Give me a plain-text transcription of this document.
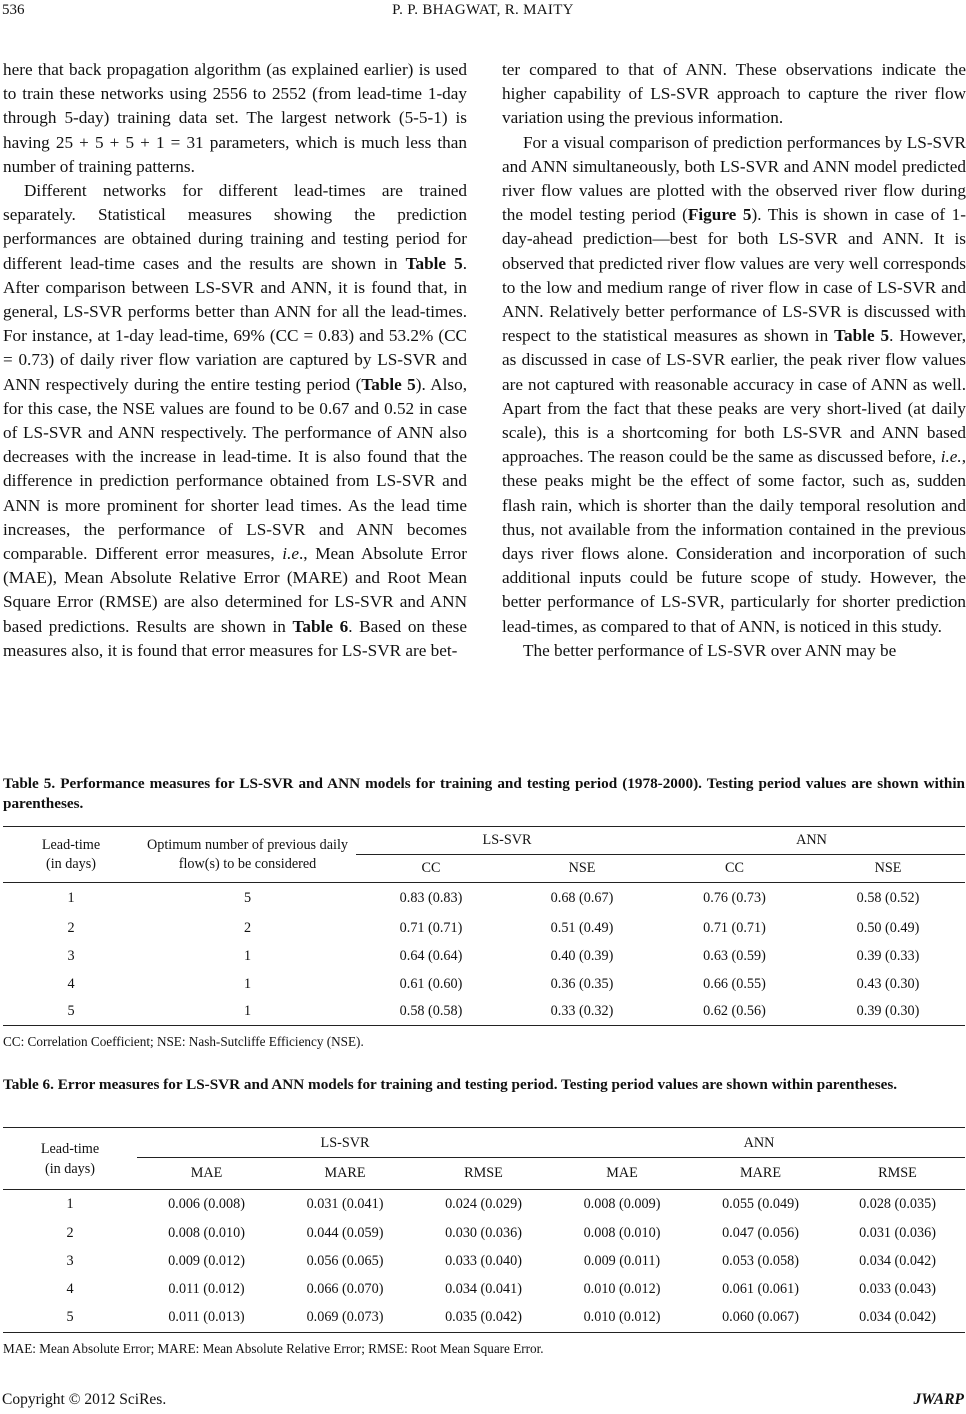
536	P. P. BHAGWAT, R. MAITY

here that back propagation algorithm (as explained earlier) is used to train these networks using 2556 to 2552 (from lead-time 1-day through 5-day) training data set. The largest network (5-5-1) is having 25 + 5 + 5 + 1 = 31 parameters, which is much less than number of training patterns.

Different networks for different lead-times are trained separately. Statistical measures showing the prediction performances are obtained during training and testing period for different lead-time cases and the results are shown in Table 5. After comparison between LS-SVR and ANN, it is found that, in general, LS-SVR performs better than ANN for all the lead-times. For instance, at 1-day lead-time, 69% (CC = 0.83) and 53.2% (CC = 0.73) of daily river flow variation are captured by LS-SVR and ANN respectively during the entire testing period (Table 5). Also, for this case, the NSE values are found to be 0.67 and 0.52 in case of LS-SVR and ANN respectively. The performance of ANN also decreases with the increase in lead-time. It is also found that the difference in prediction performance obtained from LS-SVR and ANN is more prominent for shorter lead times. As the lead time increases, the performance of LS-SVR and ANN becomes comparable. Different error measures, i.e., Mean Absolute Error (MAE), Mean Absolute Relative Error (MARE) and Root Mean Square Error (RMSE) are also determined for LS-SVR and ANN based predictions. Results are shown in Table 6. Based on these measures also, it is found that error measures for LS-SVR are bet-

ter compared to that of ANN. These observations indicate the higher capability of LS-SVR approach to capture the river flow variation using the previous information.

For a visual comparison of prediction performances by LS-SVR and ANN simultaneously, both LS-SVR and ANN model predicted river flow values are plotted with the observed river flow during the model testing period (Figure 5). This is shown in case of 1-day-ahead prediction—best for both LS-SVR and ANN. It is observed that predicted river flow values are very well corresponds to the low and medium range of river flow in case of LS-SVR and ANN. Relatively better performance of LS-SVR is discussed with respect to the statistical measures as shown in Table 5. However, as discussed in case of LS-SVR earlier, the peak river flow values are not captured with reasonable accuracy in case of ANN as well. Apart from the fact that these peaks are very short-lived (at daily scale), this is a shortcoming for both LS-SVR and ANN based approaches. The reason could be the same as discussed before, i.e., these peaks might be the effect of some factor, such as, sudden flash rain, which is shorter than the daily temporal resolution and thus, not available from the information contained in the previous days river flows alone. Consideration and incorporation of such additional inputs could be future scope of study. However, the better performance of LS-SVR, particularly for shorter prediction lead-times, as compared to that of ANN, is noticed in this study.

The better performance of LS-SVR over ANN may be

Table 5. Performance measures for LS-SVR and ANN models for training and testing period (1978-2000). Testing period values are shown within parentheses.
Lead-time (in days)	Optimum number of previous daily flow(s) to be considered	LS-SVR		ANN	
		CC	NSE	CC	NSE
1	5	0.83 (0.83)	0.68 (0.67)	0.76 (0.73)	0.58 (0.52)
2	2	0.71 (0.71)	0.51 (0.49)	0.71 (0.71)	0.50 (0.49)
3	1	0.64 (0.64)	0.40 (0.39)	0.63 (0.59)	0.39 (0.33)
4	1	0.61 (0.60)	0.36 (0.35)	0.66 (0.55)	0.43 (0.30)
5	1	0.58 (0.58)	0.33 (0.32)	0.62 (0.56)	0.39 (0.30)
CC: Correlation Coefficient; NSE: Nash-Sutcliffe Efficiency (NSE).
Table 6. Error measures for LS-SVR and ANN models for training and testing period. Testing period values are shown within parentheses.
Lead-time (in days)	LS-SVR			ANN		
	MAE	MARE	RMSE	MAE	MARE	RMSE
1	0.006 (0.008)	0.031 (0.041)	0.024 (0.029)	0.008 (0.009)	0.055 (0.049)	0.028 (0.035)
2	0.008 (0.010)	0.044 (0.059)	0.030 (0.036)	0.008 (0.010)	0.047 (0.056)	0.031 (0.036)
3	0.009 (0.012)	0.056 (0.065)	0.033 (0.040)	0.009 (0.011)	0.053 (0.058)	0.034 (0.042)
4	0.011 (0.012)	0.066 (0.070)	0.034 (0.041)	0.010 (0.012)	0.061 (0.061)	0.033 (0.043)
5	0.011 (0.013)	0.069 (0.073)	0.035 (0.042)	0.010 (0.012)	0.060 (0.067)	0.034 (0.042)
MAE: Mean Absolute Error; MARE: Mean Absolute Relative Error; RMSE: Root Mean Square Error.
Copyright © 2012 SciRes.	JWARP
